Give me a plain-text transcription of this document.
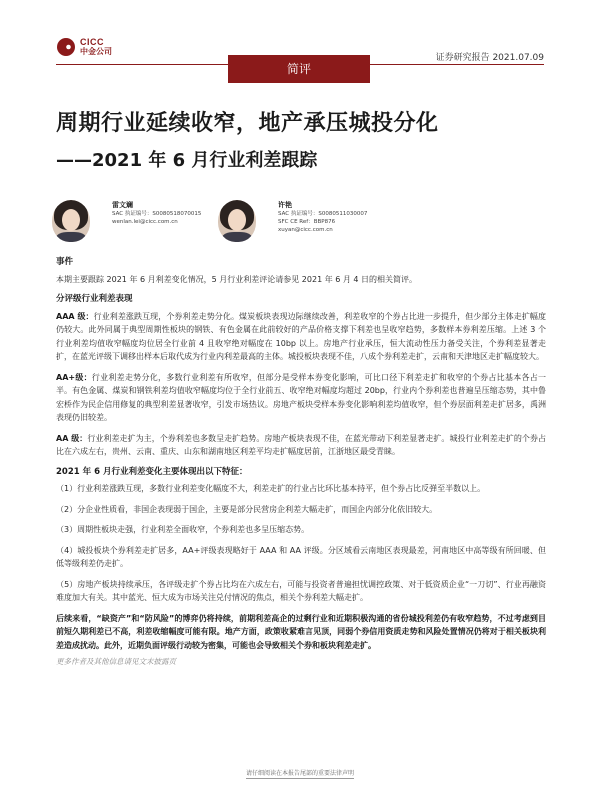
CICC
中金公司
证券研究报告 2021.07.09
简评
周期行业延续收窄，地产承压城投分化
——2021 年 6 月行业利差跟踪
雷文斓
SAC 执证编号：S0080518070015
wenlan.lei@cicc.com.cn
许艳
SAC 执证编号：S0080511030007
SFC CE Ref：BBP876
xuyan@cicc.com.cn
事件
本期主要跟踪 2021 年 6 月利差变化情况，5 月行业利差评论请参见 2021 年 6 月 4 日的相关简评。
分评级行业利差表现
AAA 级：行业利差涨跌互现，个券利差走势分化。煤炭板块表现边际继续改善，利差收窄的个券占比进一步提升，但少部分主体走扩幅度仍较大。此外同属于典型周期性板块的钢铁、有色金属在此前较好的产品价格支撑下利差也呈收窄趋势，多数样本券利差压缩。上述 3 个行业利差均值收窄幅度均位居全行业前 4 且收窄绝对幅度在 10bp 以上。房地产行业承压，恒大流动性压力备受关注，个券利差显著走扩，在蓝光评级下调移出样本后取代成为行业内利差最高的主体。城投板块表现不佳，八成个券利差走扩，云南和天津地区走扩幅度较大。
AA+级：行业利差走势分化，多数行业利差有所收窄，但部分是受样本券变化影响，可比口径下利差走扩和收窄的个券占比基本各占一半。有色金属、煤炭和钢铁利差均值收窄幅度均位于全行业前五、收窄绝对幅度均超过 20bp，行业内个券利差也普遍呈压缩态势，其中鲁宏桥作为民企信用修复的典型利差显著收窄，引发市场热议。房地产板块受样本券变化影响利差均值收窄，但个券层面利差走扩居多，禹洲表现仍旧较差。
AA 级：行业利差走扩为主，个券利差也多数呈走扩趋势。房地产板块表现不佳，在蓝光带动下利差显著走扩。城投行业利差走扩的个券占比在六成左右，贵州、云南、重庆、山东和湖南地区利差平均走扩幅度居前，江浙地区最受青睐。
2021 年 6 月行业利差变化主要体现出以下特征：
（1）行业利差涨跌互现，多数行业利差变化幅度不大，利差走扩的行业占比环比基本持平，但个券占比反弹至半数以上。
（2）分企业性质看，非国企表现弱于国企，主要是部分民营房企利差大幅走扩，而国企内部分化依旧较大。
（3）周期性板块走强，行业利差全面收窄，个券利差也多呈压缩态势。
（4）城投板块个券利差走扩居多，AA+评级表现略好于 AAA 和 AA 评级。分区域看云南地区表现最差，河南地区中高等级有所回暖、但低等级利差仍走扩。
（5）房地产板块持续承压，各评级走扩个券占比均在六成左右，可能与投资者普遍担忧调控政策、对于低资质企业“一刀切”、行业再融资难度加大有关。其中蓝光、恒大成为市场关注兑付情况的焦点，相关个券利差大幅走扩。
后续来看，“缺资产”和“防风险”的博弈仍将持续，前期利差高企的过剩行业和近期积极沟通的省份城投利差仍有收窄趋势，不过考虑到目前短久期利差已不高，利差收缩幅度可能有限。地产方面，政策收紧难言见顶，同弱个券信用资质走势和风险处置情况仍将对于相关板块利差造成扰动。此外，近期负面评级行动较为密集，可能也会导致相关个券和板块利差走扩。
更多作者及其他信息请见文末披露页
请仔细阅读在本报告尾部的重要法律声明
